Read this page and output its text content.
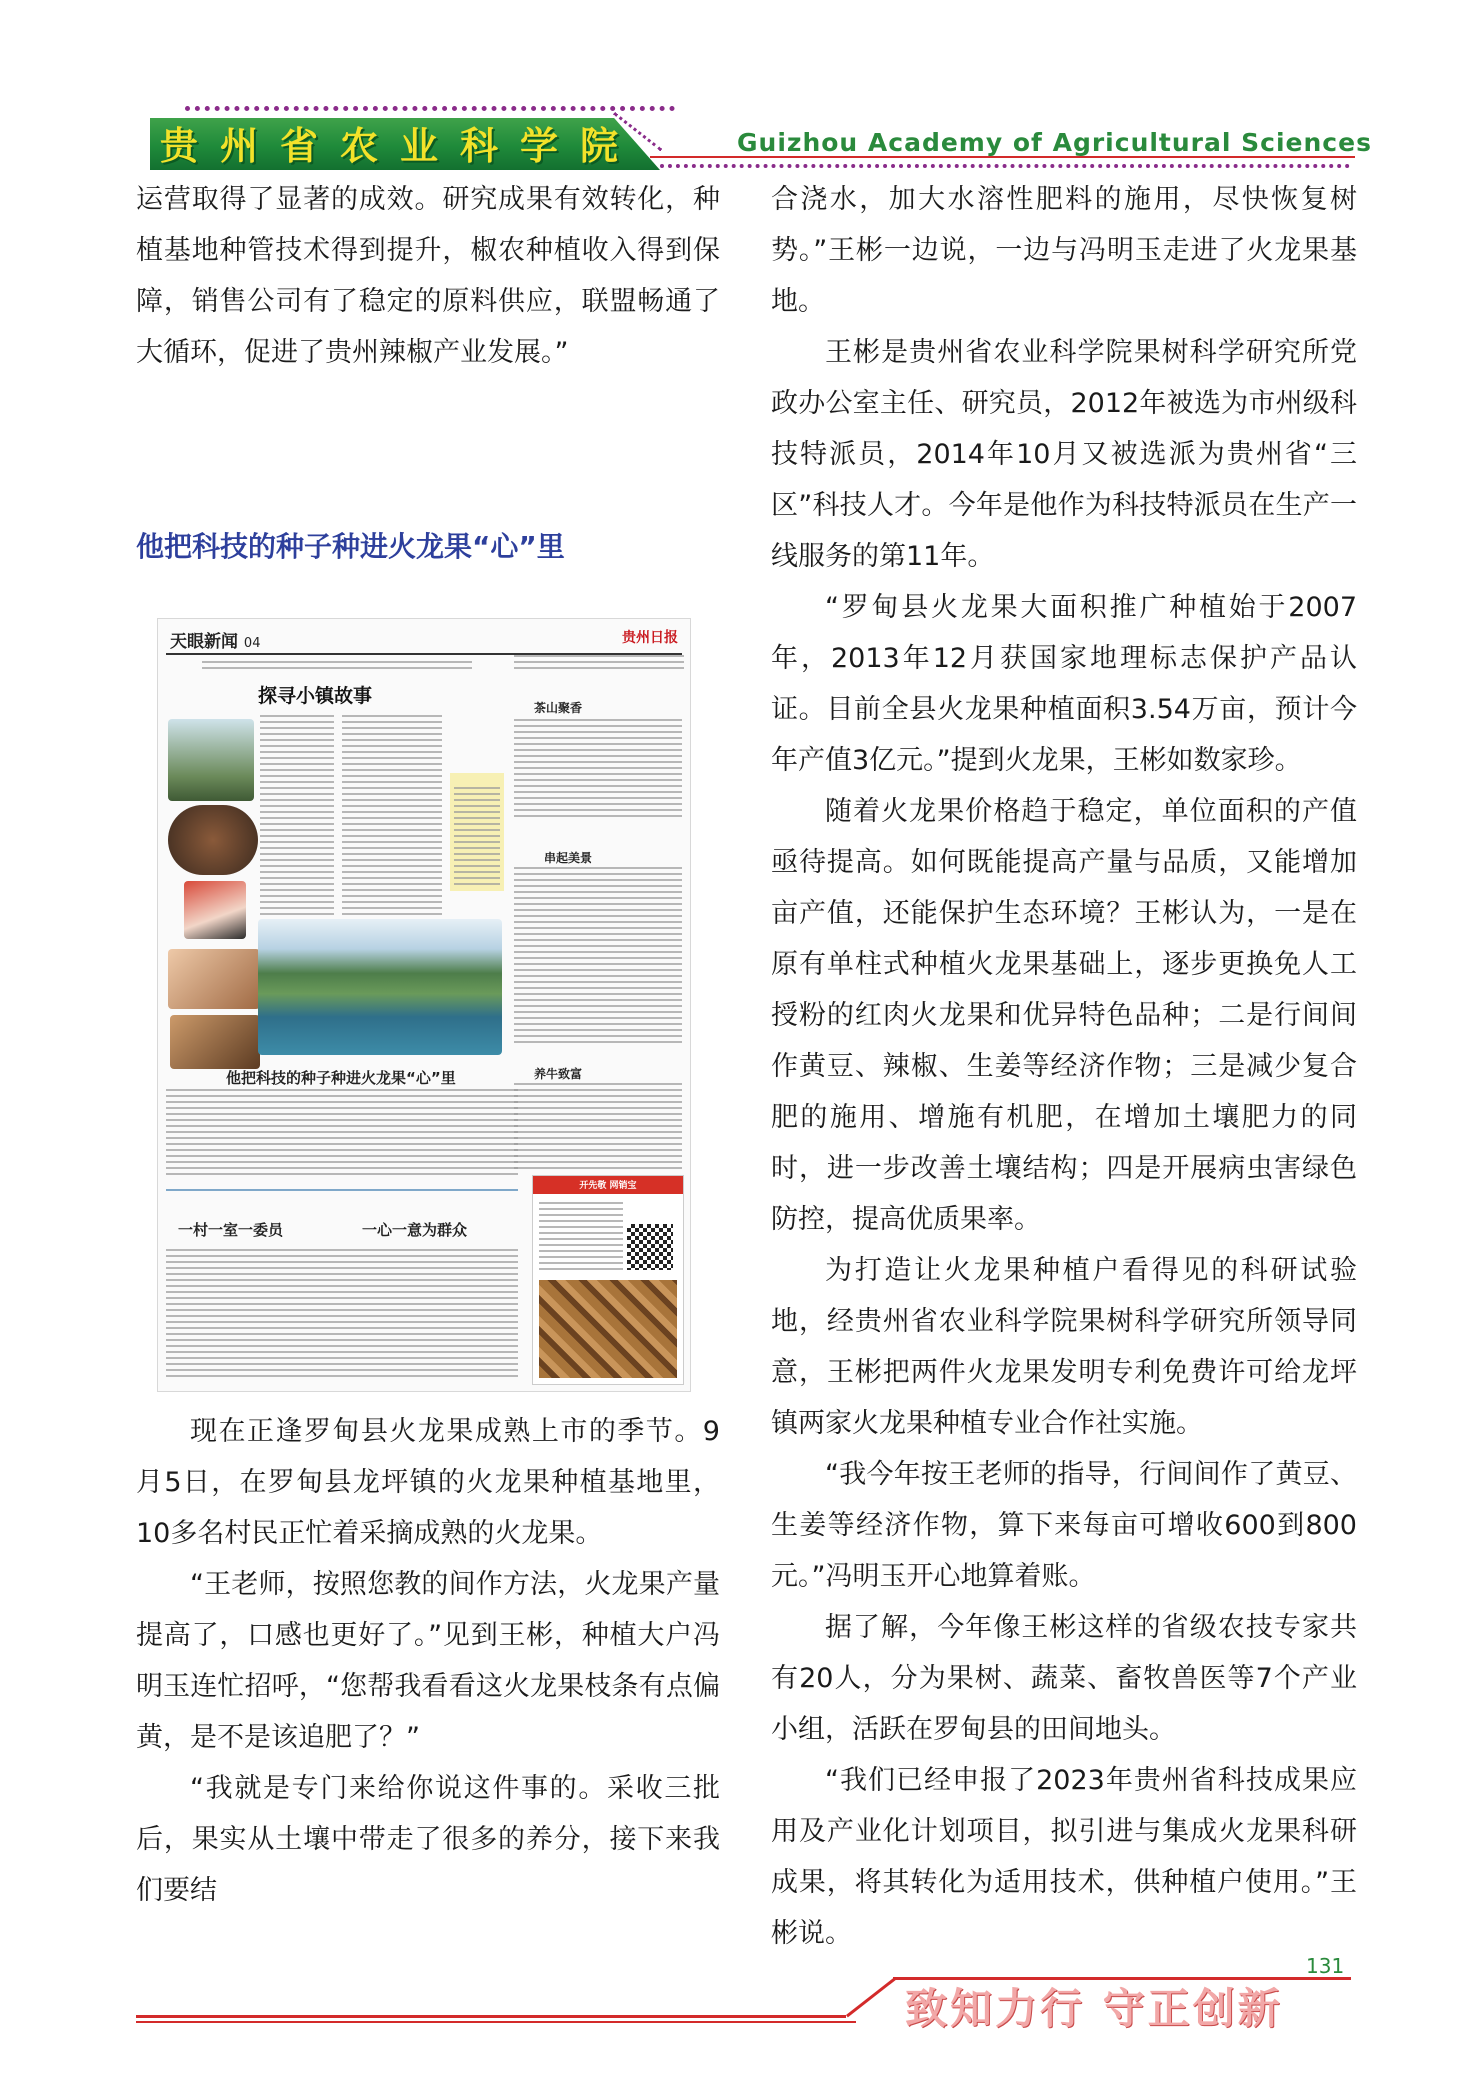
贵州省农业科学院	Guizhou Academy of Agricultural Sciences

运营取得了显著的成效。研究成果有效转化，种植基地种管技术得到提升，椒农种植收入得到保障，销售公司有了稳定的原料供应，联盟畅通了大循环，促进了贵州辣椒产业发展。”

他把科技的种子种进火龙果“心”里
天眼新闻 04	贵州日报
探寻小镇故事
茶山聚香
串起美景
养牛致富
他把科技的种子种进火龙果“心”里
一村一室一委员	一心一意为群众
开先敬 网销宝

现在正逢罗甸县火龙果成熟上市的季节。9月5日，在罗甸县龙坪镇的火龙果种植基地里，10多名村民正忙着采摘成熟的火龙果。

“王老师，按照您教的间作方法，火龙果产量提高了，口感也更好了。”见到王彬，种植大户冯明玉连忙招呼，“您帮我看看这火龙果枝条有点偏黄，是不是该追肥了？”

“我就是专门来给你说这件事的。采收三批后，果实从土壤中带走了很多的养分，接下来我们要结

合浇水，加大水溶性肥料的施用，尽快恢复树势。”王彬一边说，一边与冯明玉走进了火龙果基地。

王彬是贵州省农业科学院果树科学研究所党政办公室主任、研究员，2012年被选为市州级科技特派员，2014年10月又被选派为贵州省“三区”科技人才。今年是他作为科技特派员在生产一线服务的第11年。

“罗甸县火龙果大面积推广种植始于2007年，2013年12月获国家地理标志保护产品认证。目前全县火龙果种植面积3.54万亩，预计今年产值3亿元。”提到火龙果，王彬如数家珍。

随着火龙果价格趋于稳定，单位面积的产值亟待提高。如何既能提高产量与品质，又能增加亩产值，还能保护生态环境？王彬认为，一是在原有单柱式种植火龙果基础上，逐步更换免人工授粉的红肉火龙果和优异特色品种；二是行间间作黄豆、辣椒、生姜等经济作物；三是减少复合肥的施用、增施有机肥，在增加土壤肥力的同时，进一步改善土壤结构；四是开展病虫害绿色防控，提高优质果率。

为打造让火龙果种植户看得见的科研试验地，经贵州省农业科学院果树科学研究所领导同意，王彬把两件火龙果发明专利免费许可给龙坪镇两家火龙果种植专业合作社实施。

“我今年按王老师的指导，行间间作了黄豆、生姜等经济作物，算下来每亩可增收600到800元。”冯明玉开心地算着账。

据了解，今年像王彬这样的省级农技专家共有20人，分为果树、蔬菜、畜牧兽医等7个产业小组，活跃在罗甸县的田间地头。

“我们已经申报了2023年贵州省科技成果应用及产业化计划项目，拟引进与集成火龙果科研成果，将其转化为适用技术，供种植户使用。”王彬说。

131
致知力行 守正创新
